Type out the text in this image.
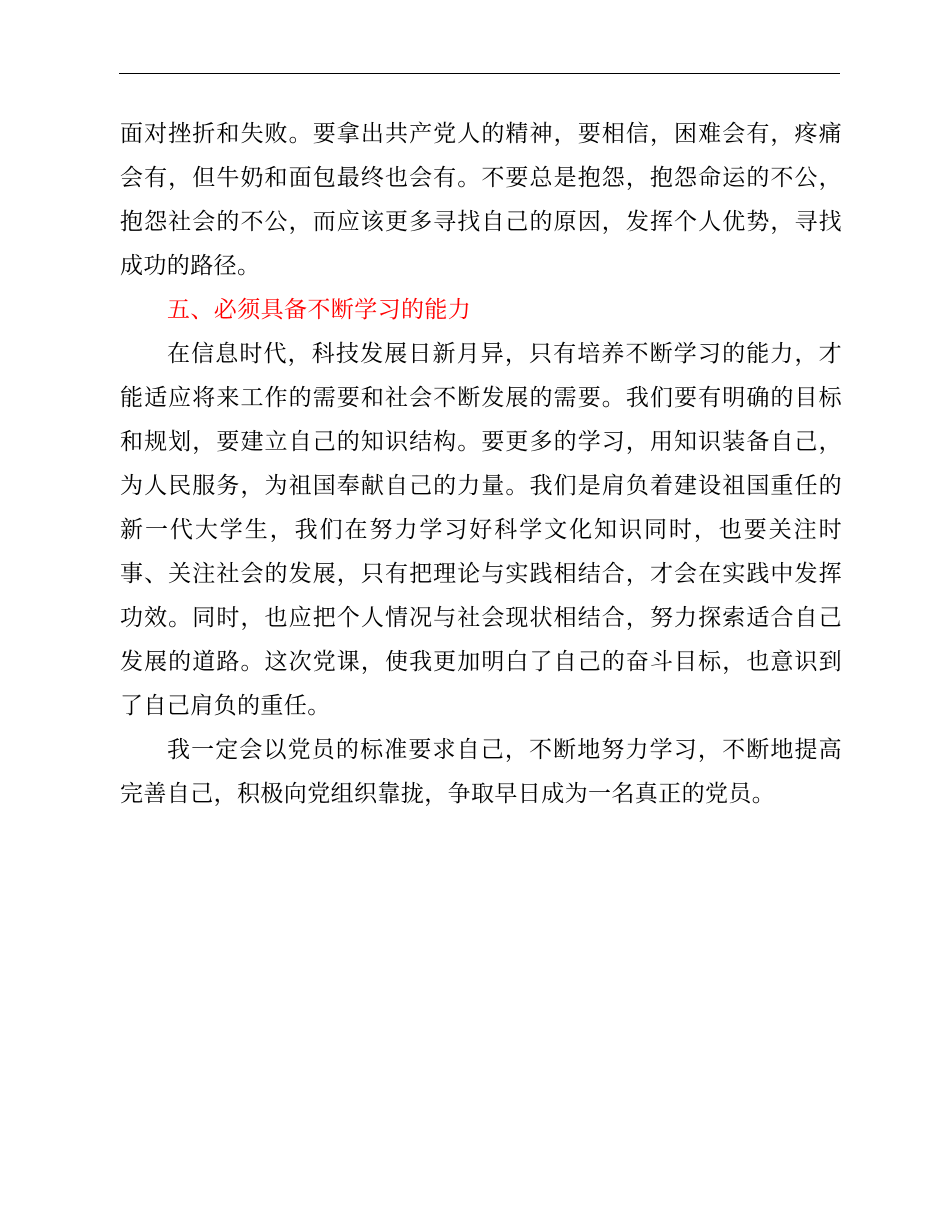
面对挫折和失败。要拿出共产党人的精神，要相信，困难会有，疼痛会有，但牛奶和面包最终也会有。不要总是抱怨，抱怨命运的不公，抱怨社会的不公，而应该更多寻找自己的原因，发挥个人优势，寻找成功的路径。

五、必须具备不断学习的能力

在信息时代，科技发展日新月异，只有培养不断学习的能力，才能适应将来工作的需要和社会不断发展的需要。我们要有明确的目标和规划，要建立自己的知识结构。要更多的学习，用知识装备自己，为人民服务，为祖国奉献自己的力量。我们是肩负着建设祖国重任的新一代大学生，我们在努力学习好科学文化知识同时，也要关注时事、关注社会的发展，只有把理论与实践相结合，才会在实践中发挥功效。同时，也应把个人情况与社会现状相结合，努力探索适合自己发展的道路。这次党课，使我更加明白了自己的奋斗目标，也意识到了自己肩负的重任。

我一定会以党员的标准要求自己，不断地努力学习，不断地提高完善自己，积极向党组织靠拢，争取早日成为一名真正的党员。
